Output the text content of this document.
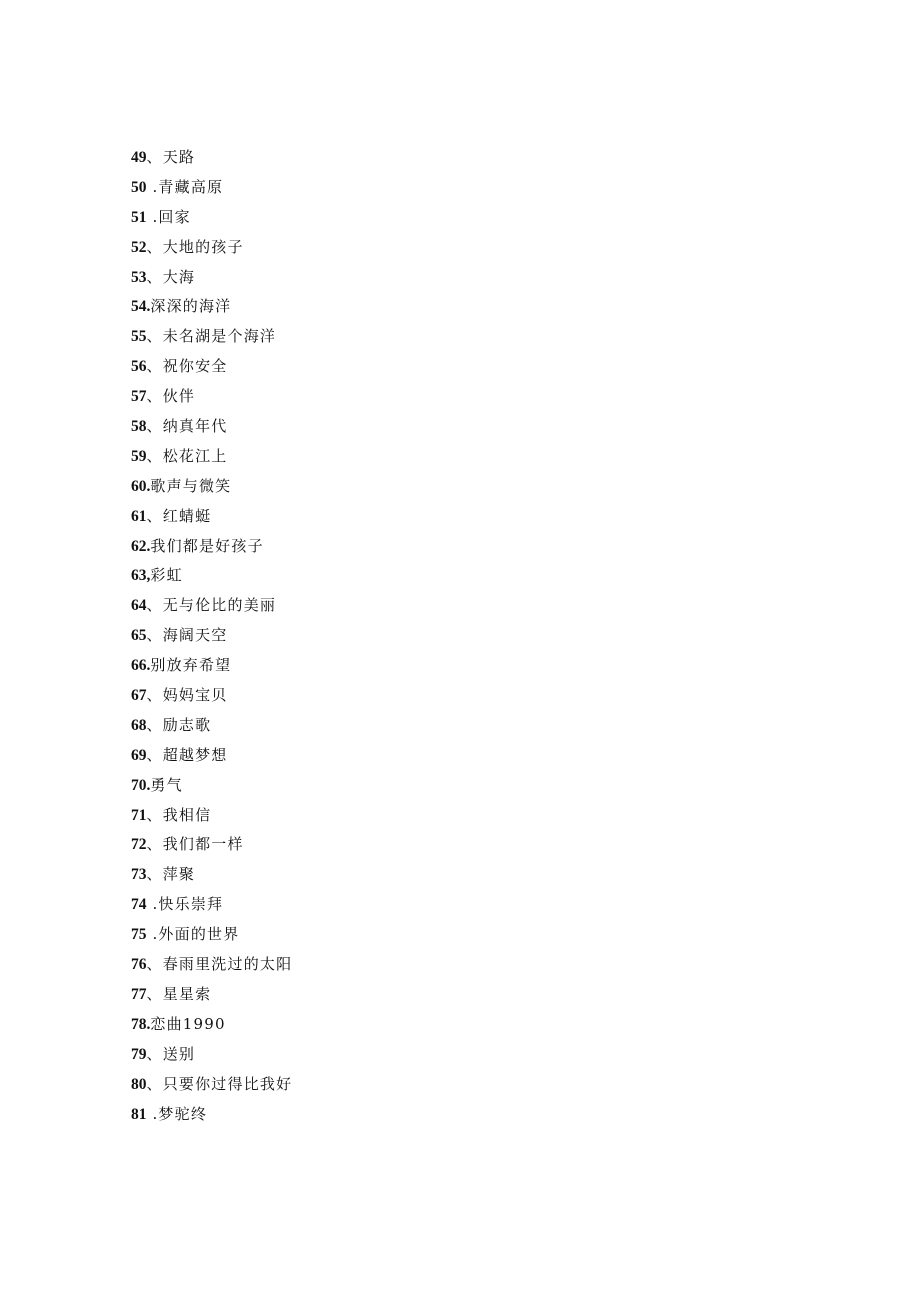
49、天路
50 .青藏高原
51 .回家
52、大地的孩子
53、大海
54.深深的海洋
55、未名湖是个海洋
56、祝你安全
57、伙伴
58、纳真年代
59、松花江上
60.歌声与微笑
61、红蜻蜓
62.我们都是好孩子
63,彩虹
64、无与伦比的美丽
65、海阔天空
66.别放弃希望
67、妈妈宝贝
68、励志歌
69、超越梦想
70.勇气
71、我相信
72、我们都一样
73、萍聚
74 .快乐崇拜
75 .外面的世界
76、春雨里洗过的太阳
77、星星索
78.恋曲1990
79、送别
80、只要你过得比我好
81 .梦驼终
